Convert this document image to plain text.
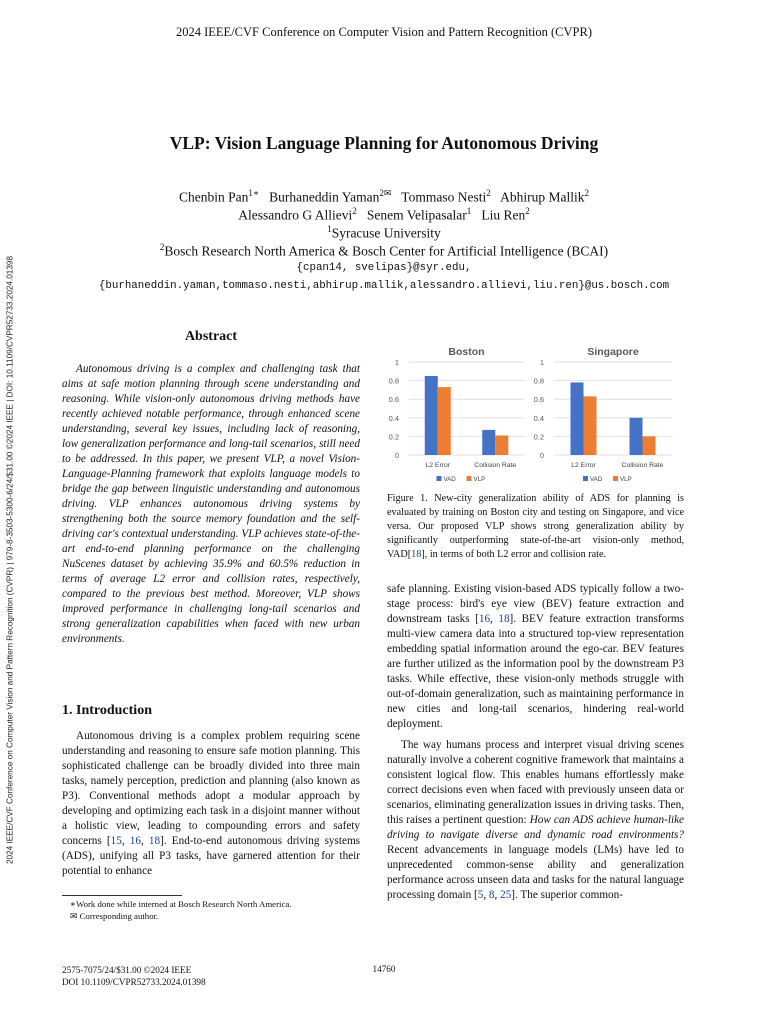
2024 IEEE/CVF Conference on Computer Vision and Pattern Recognition (CVPR)
2024 IEEE/CVF Conference on Computer Vision and Pattern Recognition (CVPR) | 979-8-3503-5300-6/24/$31.00 ©2024 IEEE | DOI: 10.1109/CVPR52733.2024.01398
VLP: Vision Language Planning for Autonomous Driving
Chenbin Pan$^{1∗}$ Burhaneddin Yaman$^{2✉}$ Tommaso Nesti$^2$ Abhirup Mallik$^2$
Alessandro G Allievi$^2$ Senem Velipasalar$^1$ Liu Ren$^2$
$^1$Syracuse University
$^2$Bosch Research North America & Bosch Center for Artificial Intelligence (BCAI)
{cpan14, svelipas}@syr.edu,
{burhaneddin.yaman,tommaso.nesti,abhirup.mallik,alessandro.allievi,liu.ren}@us.bosch.com
Abstract

Autonomous driving is a complex and challenging task that aims at safe motion planning through scene understanding and reasoning. While vision-only autonomous driving methods have recently achieved notable performance, through enhanced scene understanding, several key issues, including lack of reasoning, low generalization performance and long-tail scenarios, still need to be addressed. In this paper, we present VLP, a novel Vision-Language-Planning framework that exploits language models to bridge the gap between linguistic understanding and autonomous driving. VLP enhances autonomous driving systems by strengthening both the source memory foundation and the self-driving car's contextual understanding. VLP achieves state-of-the-art end-to-end planning performance on the challenging NuScenes dataset by achieving 35.9% and 60.5% reduction in terms of average L2 error and collision rates, respectively, compared to the previous best method. Moreover, VLP shows improved performance in challenging long-tail scenarios and strong generalization capabilities when faced with new urban environments.

1. Introduction

Autonomous driving is a complex problem requiring scene understanding and reasoning to ensure safe motion planning. This sophisticated challenge can be broadly divided into three main tasks, namely perception, prediction and planning (also known as P3). Conventional methods adopt a modular approach by developing and optimizing each task in a disjoint manner without a holistic view, leading to compounding errors and safety concerns [15, 16, 18]. End-to-end autonomous driving systems (ADS), unifying all P3 tasks, have garnered attention for their potential to enhance

∗Work done while interned at Bosch Research North America.
✉ Corresponding author.
Boston
1
0.8
0.6
0.4
0.2
0
L2 Error	Collision Rate
VAD	VLP
Singapore
1
0.8
0.6
0.4
0.2
0
L2 Error	Collision Rate
VAD	VLP

Figure 1. New-city generalization ability of ADS for planning is evaluated by training on Boston city and testing on Singapore, and vice versa. Our proposed VLP shows strong generalization ability by significantly outperforming state-of-the-art vision-only method, VAD[18], in terms of both L2 error and collision rate.

safe planning. Existing vision-based ADS typically follow a two-stage process: bird's eye view (BEV) feature extraction and downstream tasks [16, 18]. BEV feature extraction transforms multi-view camera data into a structured top-view representation embedding spatial information around the ego-car. BEV features are further utilized as the information pool by the downstream P3 tasks. While effective, these vision-only methods struggle with out-of-domain generalization, such as maintaining performance in new cities and long-tail scenarios, hindering real-world deployment.

The way humans process and interpret visual driving scenes naturally involve a coherent cognitive framework that maintains a consistent logical flow. This enables humans effortlessly make correct decisions even when faced with previously unseen data or scenarios, eliminating generalization issues in driving tasks. Then, this raises a pertinent question: How can ADS achieve human-like driving to navigate diverse and dynamic road environments? Recent advancements in language models (LMs) have led to unprecedented common-sense ability and generalization performance across unseen data and tasks for the natural language processing domain [5, 8, 25]. The superior common-

2575-7075/24/$31.00 ©2024 IEEE
DOI 10.1109/CVPR52733.2024.01398
14760
